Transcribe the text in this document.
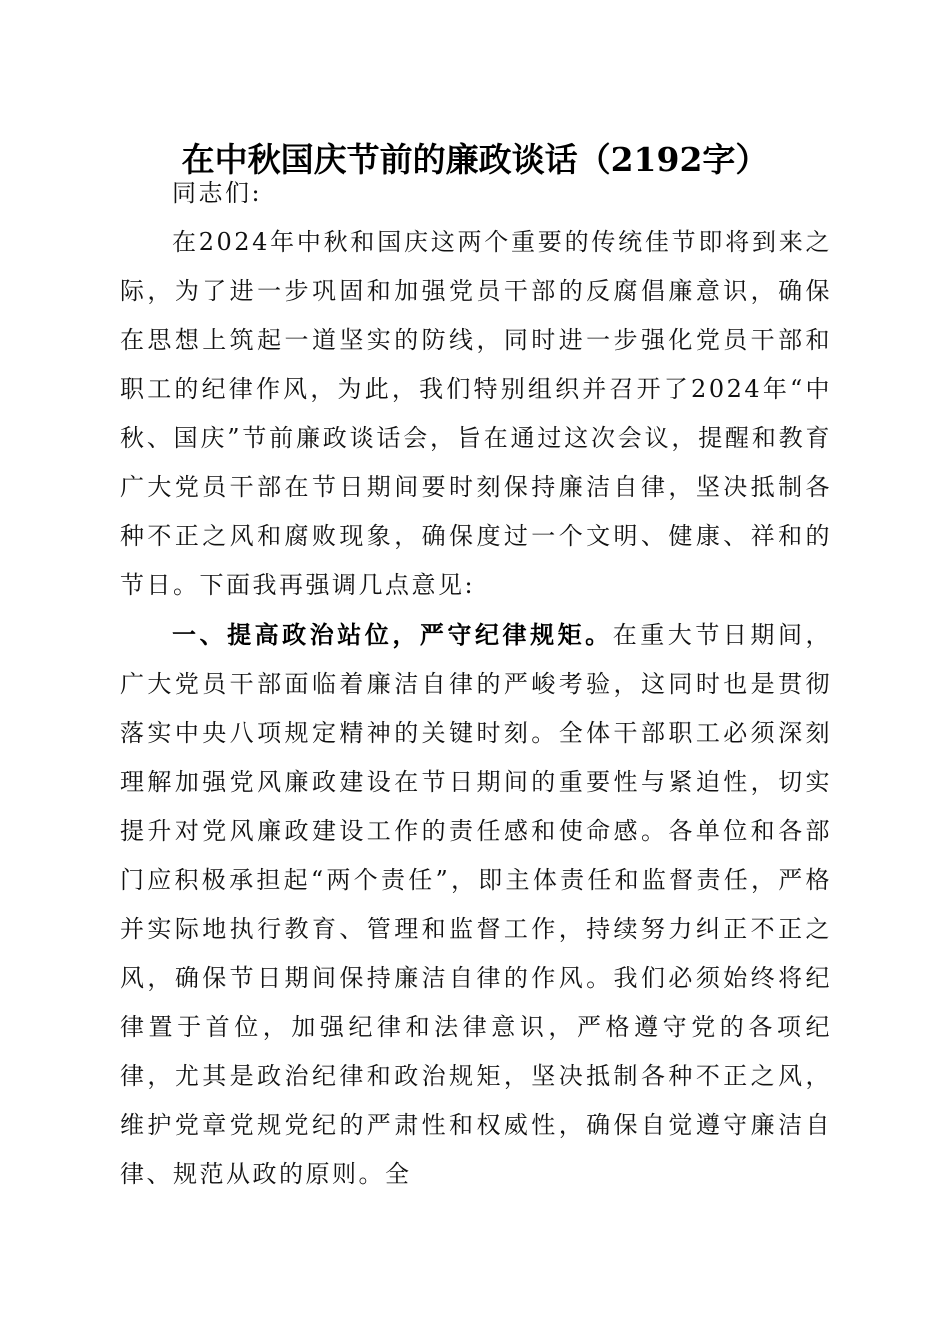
在中秋国庆节前的廉政谈话（2192字）

同志们:

在2024年中秋和国庆这两个重要的传统佳节即将到来之际，为了进一步巩固和加强党员干部的反腐倡廉意识，确保在思想上筑起一道坚实的防线，同时进一步强化党员干部和职工的纪律作风，为此，我们特别组织并召开了2024年“中秋、国庆”节前廉政谈话会，旨在通过这次会议，提醒和教育广大党员干部在节日期间要时刻保持廉洁自律，坚决抵制各种不正之风和腐败现象，确保度过一个文明、健康、祥和的节日。下面我再强调几点意见:

一、提高政治站位，严守纪律规矩。在重大节日期间，广大党员干部面临着廉洁自律的严峻考验，这同时也是贯彻落实中央八项规定精神的关键时刻。全体干部职工必须深刻理解加强党风廉政建设在节日期间的重要性与紧迫性，切实提升对党风廉政建设工作的责任感和使命感。各单位和各部门应积极承担起“两个责任”，即主体责任和监督责任，严格并实际地执行教育、管理和监督工作，持续努力纠正不正之风，确保节日期间保持廉洁自律的作风。我们必须始终将纪律置于首位，加强纪律和法律意识，严格遵守党的各项纪律，尤其是政治纪律和政治规矩，坚决抵制各种不正之风，维护党章党规党纪的严肃性和权威性，确保自觉遵守廉洁自律、规范从政的原则。全
